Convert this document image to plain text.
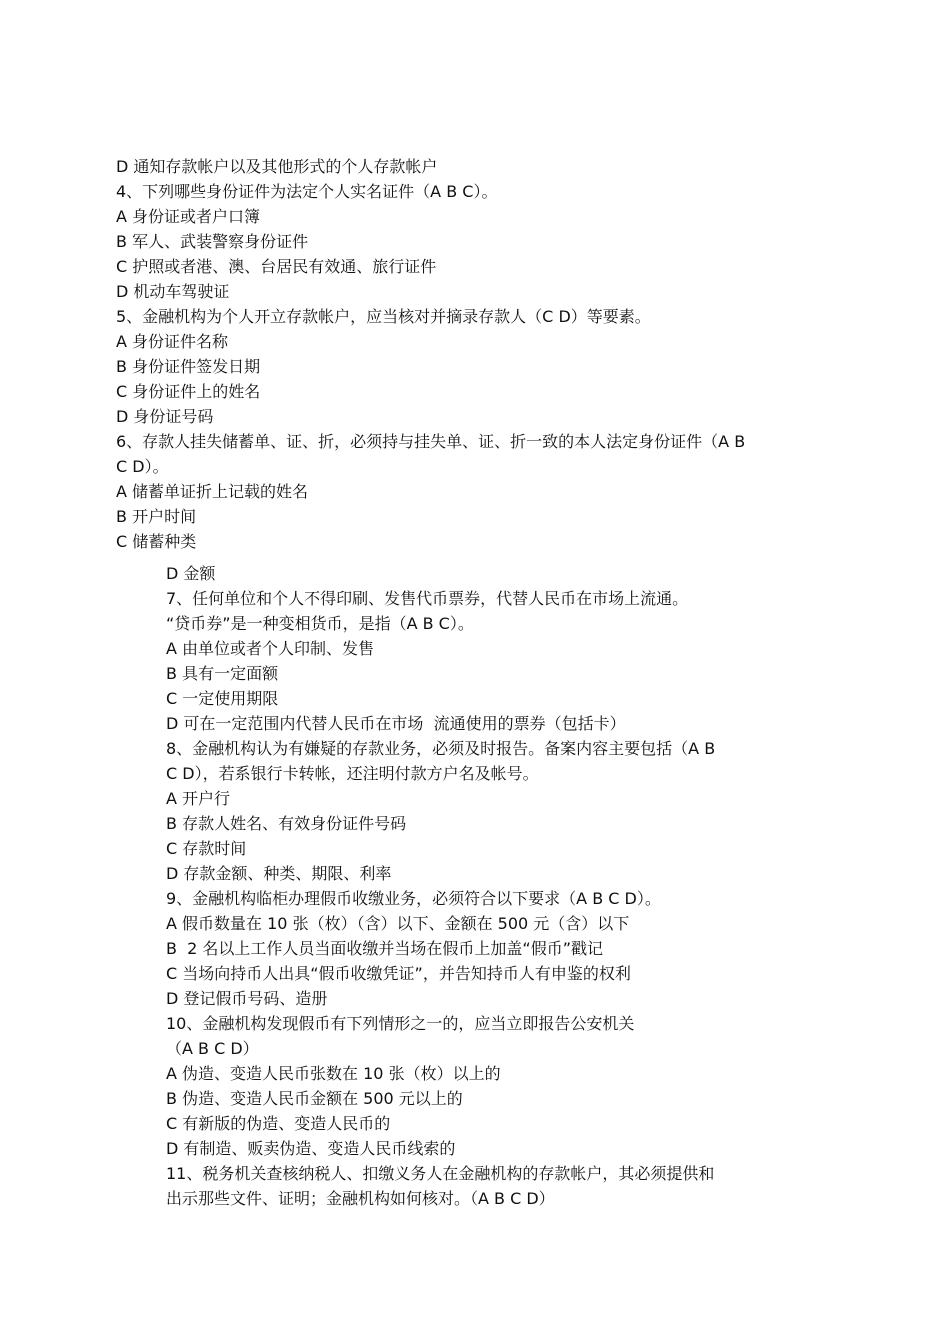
D 通知存款帐户以及其他形式的个人存款帐户

4、下列哪些身份证件为法定个人实名证件（A B C）。

A 身份证或者户口簿

B 军人、武装警察身份证件

C 护照或者港、澳、台居民有效通、旅行证件

D 机动车驾驶证

5、金融机构为个人开立存款帐户，应当核对并摘录存款人（C D）等要素。

A 身份证件名称

B 身份证件签发日期

C 身份证件上的姓名

D 身份证号码

6、存款人挂失储蓄单、证、折，必须持与挂失单、证、折一致的本人法定身份证件（A B

C D）。

A 储蓄单证折上记载的姓名

B 开户时间

C 储蓄种类

D 金额

7、任何单位和个人不得印刷、发售代币票券，代替人民币在市场上流通。

“贷币券”是一种变相货币，是指（A B C）。

A 由单位或者个人印制、发售

B 具有一定面额

C 一定使用期限

D 可在一定范围内代替人民币在市场  流通使用的票券（包括卡）

8、金融机构认为有嫌疑的存款业务，必须及时报告。备案内容主要包括（A B

C D），若系银行卡转帐，还注明付款方户名及帐号。

A 开户行

B 存款人姓名、有效身份证件号码

C 存款时间

D 存款金额、种类、期限、利率

9、金融机构临柜办理假币收缴业务，必须符合以下要求（A B C D）。

A 假币数量在 10 张（枚）（含）以下、金额在 500 元（含）以下

B  2 名以上工作人员当面收缴并当场在假币上加盖“假币”戳记

C 当场向持币人出具“假币收缴凭证”，并告知持币人有申鉴的权利

D 登记假币号码、造册

10、金融机构发现假币有下列情形之一的，应当立即报告公安机关

（A B C D）

A 伪造、变造人民币张数在 10 张（枚）以上的

B 伪造、变造人民币金额在 500 元以上的

C 有新版的伪造、变造人民币的

D 有制造、贩卖伪造、变造人民币线索的

11、税务机关查核纳税人、扣缴义务人在金融机构的存款帐户，其必须提供和

出示那些文件、证明；金融机构如何核对。（A B C D）
